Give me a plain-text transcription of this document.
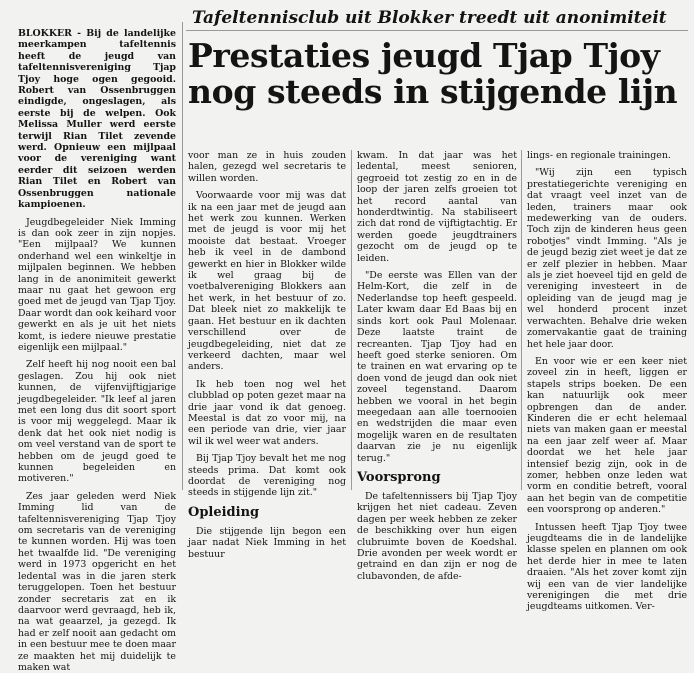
Tafeltennisclub uit Blokker treedt uit anonimiteit
Prestaties jeugd Tjap Tjoy
nog steeds in stijgende lijn

BLOKKER - Bij de landelijke meerkampen tafeltennis heeft de jeugd van tafeltennisvereniging Tjap Tjoy hoge ogen gegooid. Robert van Ossenbruggen eindigde, ongeslagen, als eerste bij de welpen. Ook Melissa Muller werd eerste terwijl Rian Tilet zevende werd. Opnieuw een mijlpaal voor de vereniging want eerder dit seizoen werden Rian Tilet en Robert van Ossenbruggen nationale kampioenen.

Jeugdbegeleider Niek Imming is dan ook zeer in zijn nopjes. "Een mijlpaal? We kunnen onderhand wel een winkeltje in mijlpalen beginnen. We hebben lang in de anonimiteit gewerkt maar nu gaat het gewoon erg goed met de jeugd van Tjap Tjoy. Daar wordt dan ook keihard voor gewerkt en als je uit het niets komt, is iedere nieuwe prestatie eigenlijk een mijlpaal."

Zelf heeft hij nog nooit een bal geslagen. Zou hij ook niet kunnen, de vijfenvijftigjarige jeugdbegeleider. "Ik leef al jaren met een long dus dit soort sport is voor mij weggelegd. Maar ik denk dat het ook niet nodig is om veel verstand van de sport te hebben om de jeugd goed te kunnen begeleiden en motiveren."

Zes jaar geleden werd Niek Imming lid van de tafeltennisvereniging Tjap Tjoy om secretaris van de vereniging te kunnen worden. Hij was toen het twaalfde lid. "De vereniging werd in 1973 opgericht en het ledental was in die jaren sterk teruggelopen. Toen het bestuur zonder secretaris zat en ik daarvoor werd gevraagd, heb ik, na wat geaarzel, ja gezegd. Ik had er zelf nooit aan gedacht om in een bestuur mee te doen maar ze maakten het mij duidelijk te maken wat

voor man ze in huis zouden halen, gezegd wel secretaris te willen worden.

Voorwaarde voor mij was dat ik na een jaar met de jeugd aan het werk zou kunnen. Werken met de jeugd is voor mij het mooiste dat bestaat. Vroeger heb ik veel in de dambond gewerkt en hier in Blokker wilde ik wel graag bij de voetbalvereniging Blokkers aan het werk, in het bestuur of zo. Dat bleek niet zo makkelijk te gaan. Het bestuur en ik dachten verschillend over de jeugdbegeleiding, niet dat ze verkeerd dachten, maar wel anders.

Ik heb toen nog wel het clubblad op poten gezet maar na drie jaar vond ik dat genoeg. Meestal is dat zo voor mij, na een periode van drie, vier jaar wil ik wel weer wat anders.

Bij Tjap Tjoy bevalt het me nog steeds prima. Dat komt ook doordat de vereniging nog steeds in stijgende lijn zit."

Opleiding

Die stijgende lijn begon een jaar nadat Niek Imming in het bestuur

kwam. In dat jaar was het ledental, meest senioren, gegroeid tot zestig zo en in de loop der jaren zelfs groeien tot het record aantal van honderdtwintig. Na stabiliseert zich dat rond de vijftigtachtig. Er werden goede jeugdtrainers gezocht om de jeugd op te leiden.

"De eerste was Ellen van der Helm-Kort, die zelf in de Nederlandse top heeft gespeeld. Later kwam daar Ed Baas bij en sinds kort ook Paul Molenaar. Deze laatste traint de recreanten. Tjap Tjoy had en heeft goed sterke senioren. Om te trainen en wat ervaring op te doen vond de jeugd dan ook niet zoveel tegenstand. Daarom hebben we vooral in het begin meegedaan aan alle toernooien en wedstrijden die maar even mogelijk waren en de resultaten daarvan zie je nu eigenlijk terug."

Voorsprong

De tafeltennissers bij Tjap Tjoy krijgen het niet cadeau. Zeven dagen per week hebben ze zeker de beschikking over hun eigen clubruimte boven de Koedshal. Drie avonden per week wordt er getraind en dan zijn er nog de clubavonden, de afde-

lings- en regionale trainingen.

"Wij zijn een typisch prestatiegerichte vereniging en dat vraagt veel inzet van de leden, trainers maar ook medewerking van de ouders. Toch zijn de kinderen heus geen robotjes" vindt Imming. "Als je de jeugd bezig ziet weet je dat ze er zelf plezier in hebben. Maar als je ziet hoeveel tijd en geld de vereniging investeert in de opleiding van de jeugd mag je wel honderd procent inzet verwachten. Behalve drie weken zomervakantie gaat de training het hele jaar door.

En voor wie er een keer niet zoveel zin in heeft, liggen er stapels strips boeken. De een kan natuurlijk ook meer opbrengen dan de ander. Kinderen die er echt helemaal niets van maken gaan er meestal na een jaar zelf weer af. Maar doordat we het hele jaar intensief bezig zijn, ook in de zomer, hebben onze leden wat vorm en conditie betreft, vooral aan het begin van de competitie een voorsprong op anderen."

Intussen heeft Tjap Tjoy twee jeugdteams die in de landelijke klasse spelen en plannen om ook het derde hier in mee te laten draaien. "Als het zover komt zijn wij een van de vier landelijke verenigingen die met drie jeugdteams uitkomen. Ver-
